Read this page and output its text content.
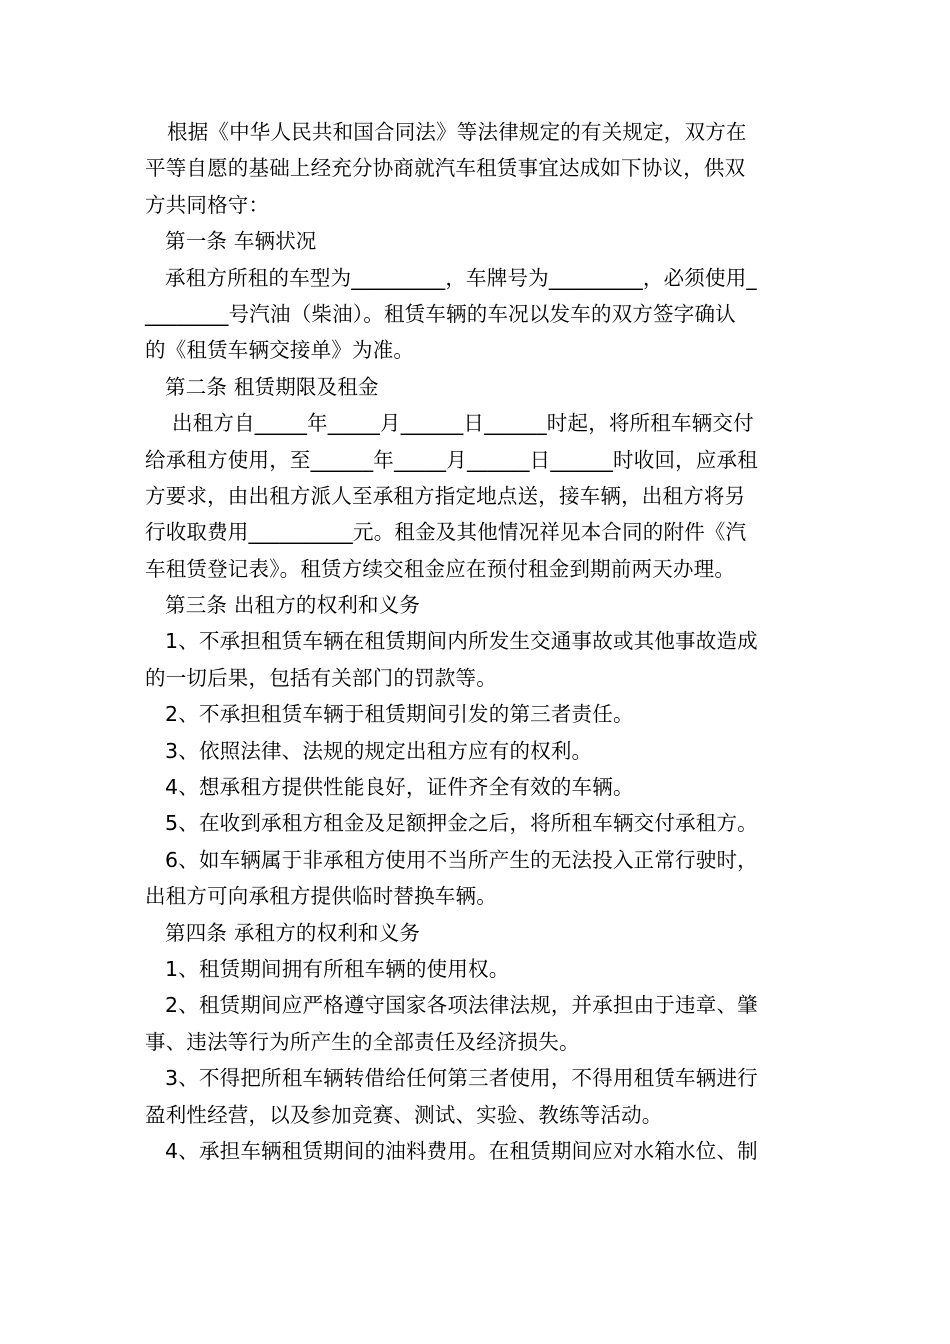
根据《中华人民共和国合同法》等法律规定的有关规定，双方在
平等自愿的基础上经充分协商就汽车租赁事宜达成如下协议，供双
方共同格守：
第一条 车辆状况
承租方所租的车型为_________，车牌号为_________，必须使用_
________号汽油（柴油）。租赁车辆的车况以发车的双方签字确认
的《租赁车辆交接单》为准。
第二条 租赁期限及租金
出租方自_____年_____月______日______时起，将所租车辆交付
给承租方使用，至______年_____月______日______时收回，应承租
方要求，由出租方派人至承租方指定地点送，接车辆，出租方将另
行收取费用__________元。租金及其他情况祥见本合同的附件《汽
车租赁登记表》。租赁方续交租金应在预付租金到期前两天办理。
第三条 出租方的权利和义务
1、不承担租赁车辆在租赁期间内所发生交通事故或其他事故造成
的一切后果，包括有关部门的罚款等。
2、不承担租赁车辆于租赁期间引发的第三者责任。
3、依照法律、法规的规定出租方应有的权利。
4、想承租方提供性能良好，证件齐全有效的车辆。
5、在收到承租方租金及足额押金之后，将所租车辆交付承租方。
6、如车辆属于非承租方使用不当所产生的无法投入正常行驶时，
出租方可向承租方提供临时替换车辆。
第四条 承租方的权利和义务
1、租赁期间拥有所租车辆的使用权。
2、租赁期间应严格遵守国家各项法律法规，并承担由于违章、肇
事、违法等行为所产生的全部责任及经济损失。
3、不得把所租车辆转借给任何第三者使用，不得用租赁车辆进行
盈利性经营，以及参加竞赛、测试、实验、教练等活动。
4、承担车辆租赁期间的油料费用。在租赁期间应对水箱水位、制
